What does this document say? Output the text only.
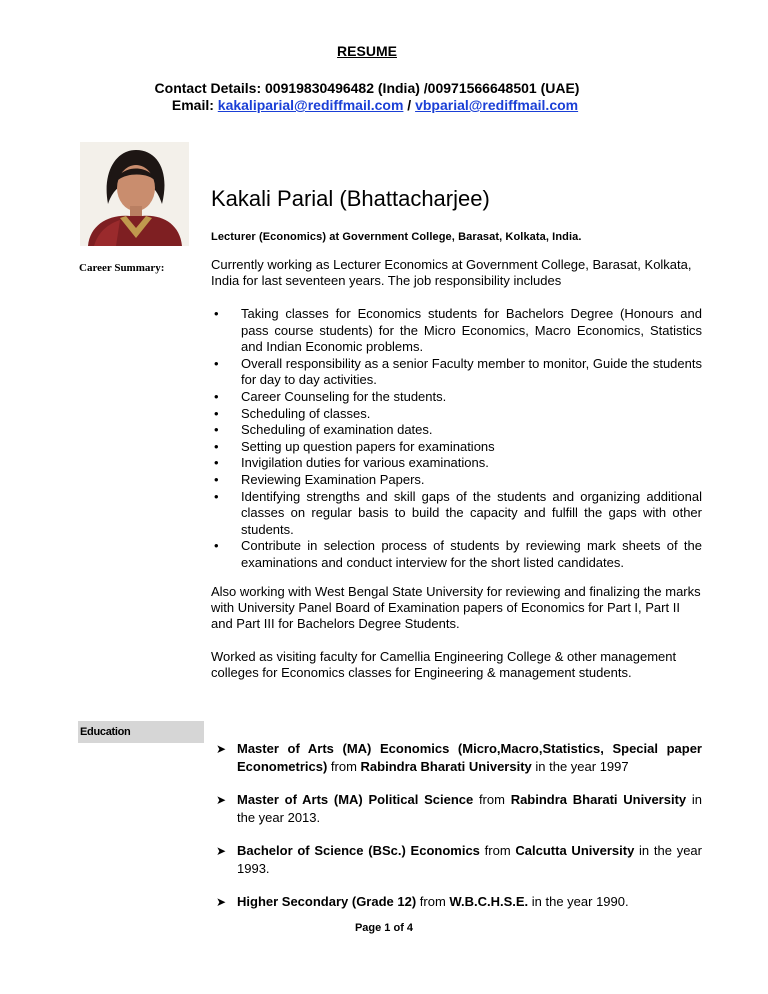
RESUME
Contact Details: 00919830496482 (India) /00971566648501 (UAE)
Email: kakaliparial@rediffmail.com / vbparial@rediffmail.com
Kakali Parial (Bhattacharjee)
Lecturer (Economics) at Government College, Barasat, Kolkata, India.
Career Summary:	Currently working as Lecturer Economics at Government College, Barasat, Kolkata, India for last seventeen years. The job responsibility includes
• Taking classes for Economics students for Bachelors Degree (Honours and pass course students) for the Micro Economics, Macro Economics, Statistics and Indian Economic problems.
• Overall responsibility as a senior Faculty member to monitor, Guide the students for day to day activities.
• Career Counseling for the students.
• Scheduling of classes.
• Scheduling of examination dates.
• Setting up question papers for examinations
• Invigilation duties for various examinations.
• Reviewing Examination Papers.
• Identifying strengths and skill gaps of the students and organizing additional classes on regular basis to build the capacity and fulfill the gaps with other students.
• Contribute in selection process of students by reviewing mark sheets of the examinations and conduct interview for the short listed candidates.
Also working with West Bengal State University for reviewing and finalizing the marks with University Panel Board of Examination papers of Economics for Part I, Part II and Part III for Bachelors Degree Students.
Worked as visiting faculty for Camellia Engineering College & other management colleges for Economics classes for Engineering & management students.
Education
➤ Master of Arts (MA) Economics (Micro,Macro,Statistics, Special paper Econometrics) from Rabindra Bharati University in the year 1997
➤ Master of Arts (MA) Political Science from Rabindra Bharati University in the year 2013.
➤ Bachelor of Science (BSc.) Economics from Calcutta University in the year 1993.
➤ Higher Secondary (Grade 12) from W.B.C.H.S.E. in the year 1990.
Page 1 of 4
